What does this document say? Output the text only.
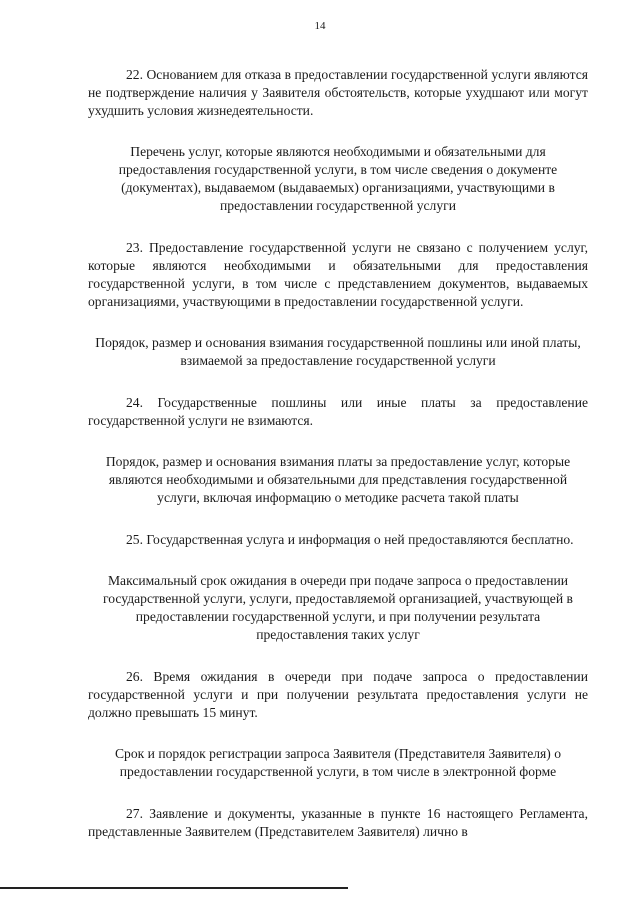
14

22. Основанием для отказа в предоставлении государственной услуги являются не подтверждение наличия у Заявителя обстоятельств, которые ухудшают или могут ухудшить условия жизнедеятельности.

Перечень услуг, которые являются необходимыми и обязательными для предоставления государственной услуги, в том числе сведения о документе (документах), выдаваемом (выдаваемых) организациями, участвующими в предоставлении государственной услуги

23. Предоставление государственной услуги не связано с получением услуг, которые являются необходимыми и обязательными для предоставления государственной услуги, в том числе с представлением документов, выдаваемых организациями, участвующими в предоставлении государственной услуги.

Порядок, размер и основания взимания государственной пошлины или иной платы, взимаемой за предоставление государственной услуги

24. Государственные пошлины или иные платы за предоставление государственной услуги не взимаются.

Порядок, размер и основания взимания платы за предоставление услуг, которые являются необходимыми и обязательными для представления государственной услуги, включая информацию о методике расчета такой платы

25. Государственная услуга и информация о ней предоставляются бесплатно.

Максимальный срок ожидания в очереди при подаче запроса о предоставлении государственной услуги, услуги, предоставляемой организацией, участвующей в предоставлении государственной услуги, и при получении результата предоставления таких услуг

26. Время ожидания в очереди при подаче запроса о предоставлении государственной услуги и при получении результата предоставления услуги не должно превышать 15 минут.

Срок и порядок регистрации запроса Заявителя (Представителя Заявителя) о предоставлении государственной услуги, в том числе в электронной форме

27. Заявление и документы, указанные в пункте 16 настоящего Регламента, представленные Заявителем (Представителем Заявителя) лично в
